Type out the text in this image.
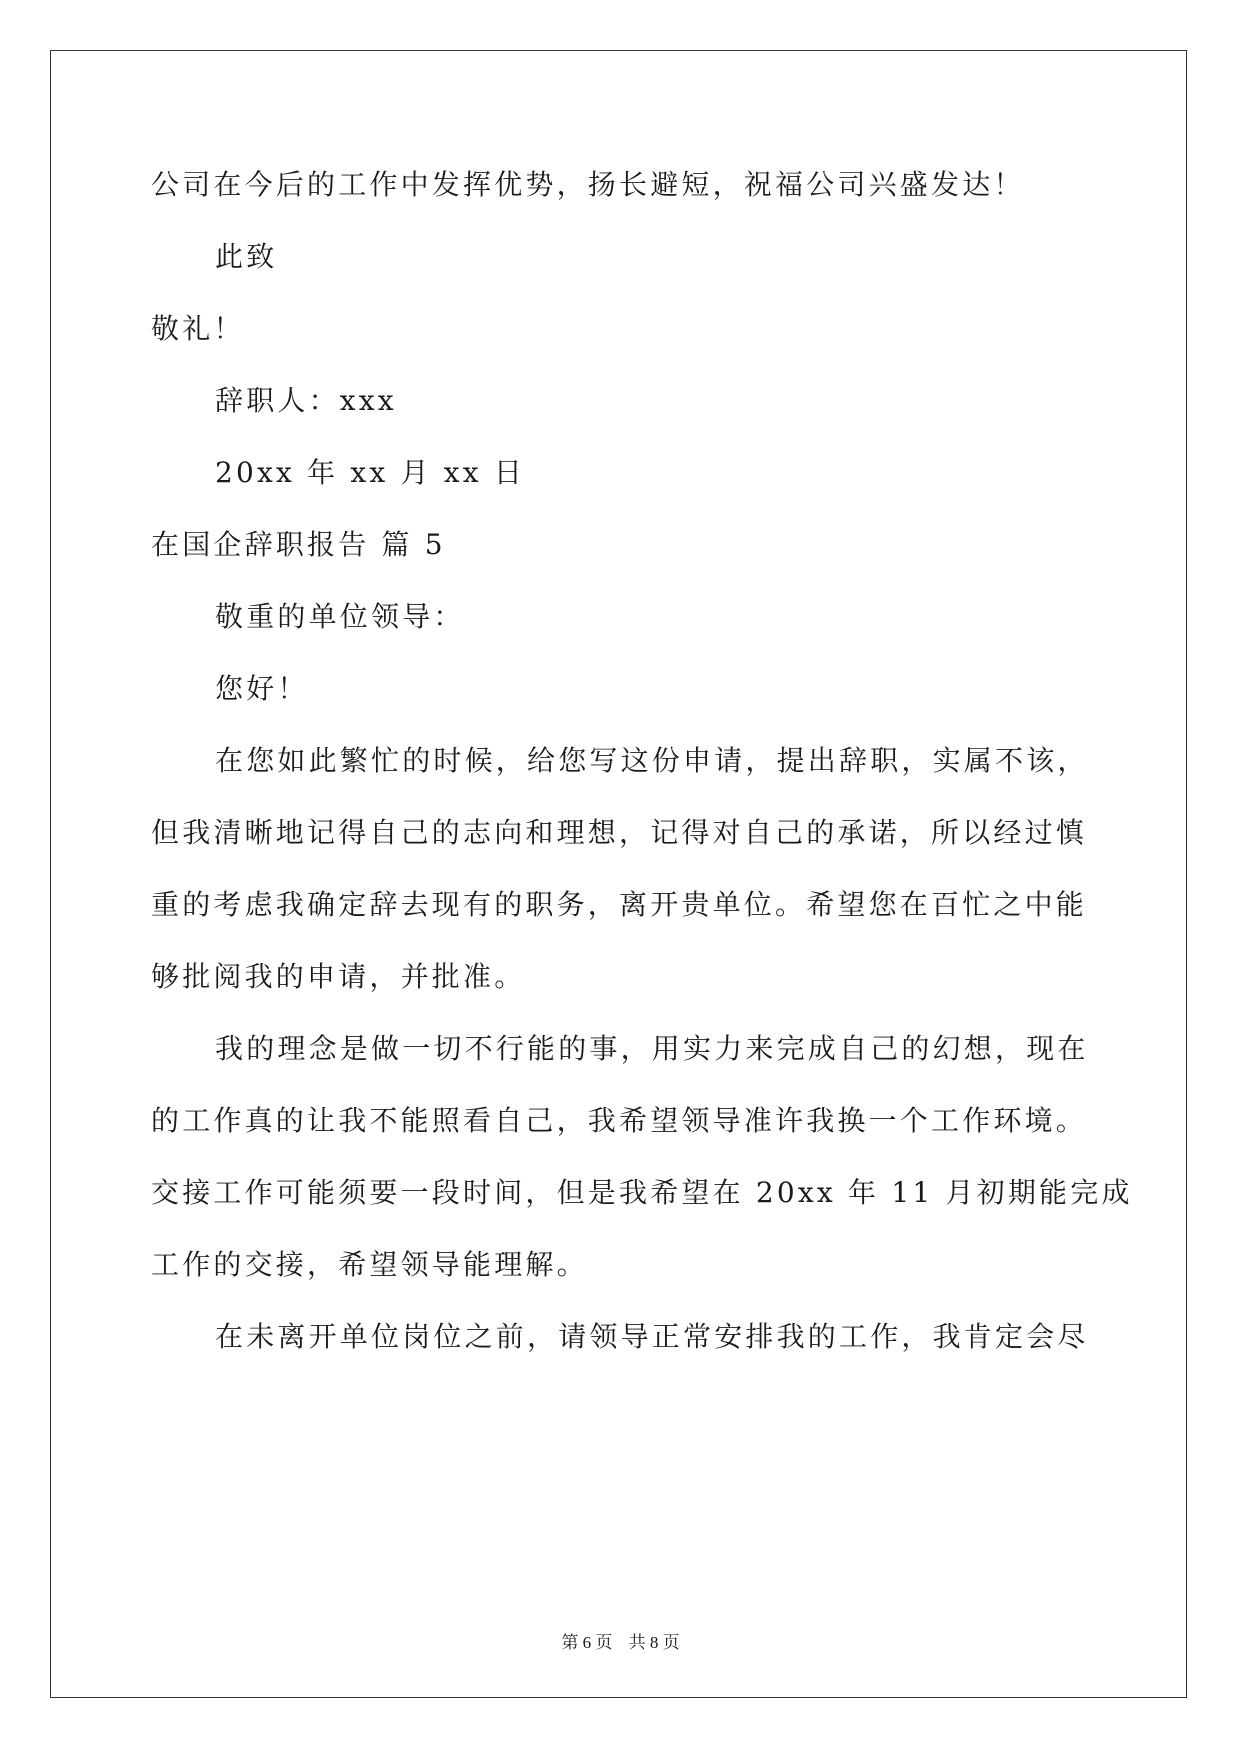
公司在今后的工作中发挥优势，扬长避短，祝福公司兴盛发达！
此致
敬礼！
辞职人：xxx
20xx 年 xx 月 xx 日
在国企辞职报告 篇 5
敬重的单位领导：
您好！
在您如此繁忙的时候，给您写这份申请，提出辞职，实属不该，
但我清晰地记得自己的志向和理想，记得对自己的承诺，所以经过慎
重的考虑我确定辞去现有的职务，离开贵单位。希望您在百忙之中能
够批阅我的申请，并批准。
我的理念是做一切不行能的事，用实力来完成自己的幻想，现在
的工作真的让我不能照看自己，我希望领导准许我换一个工作环境。
交接工作可能须要一段时间，但是我希望在 20xx 年 11 月初期能完成
工作的交接，希望领导能理解。
在未离开单位岗位之前，请领导正常安排我的工作，我肯定会尽
第 6 页 共 8 页
